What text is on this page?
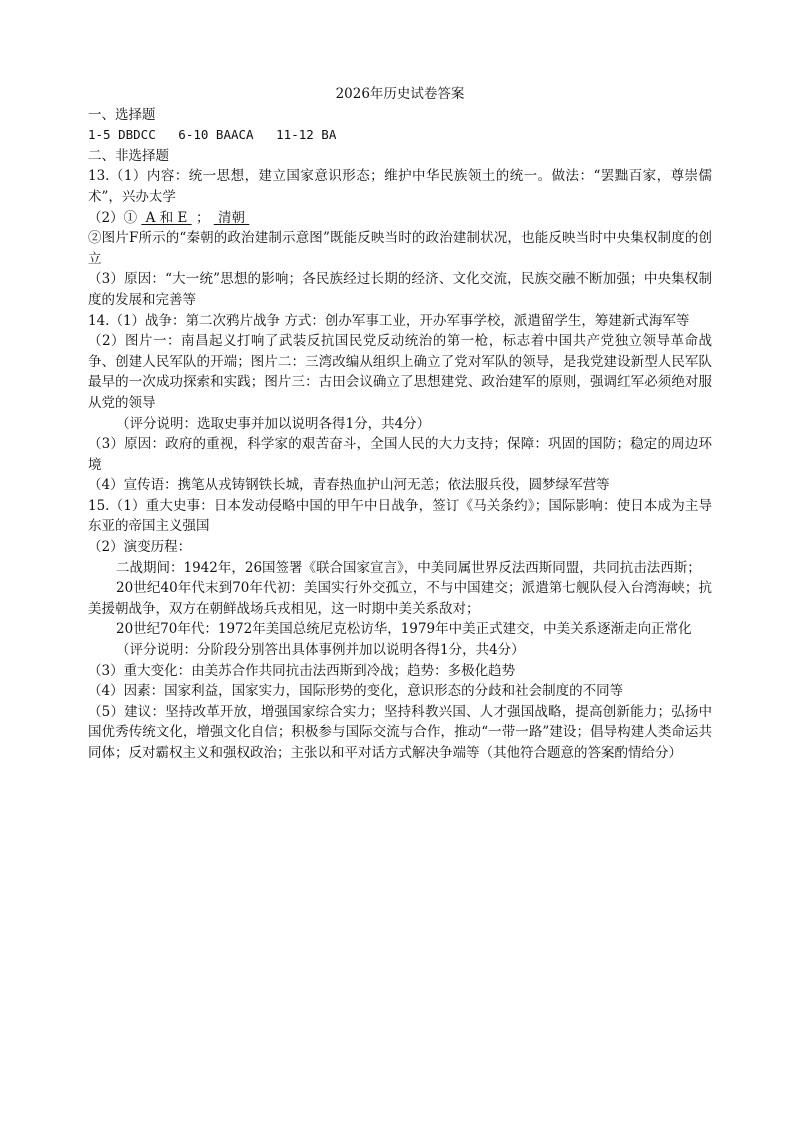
2026年历史试卷答案
一、选择题
1-5 DBDCC   6-10 BAACA   11-12 BA
二、非选择题
13.（1）内容：统一思想，建立国家意识形态；维护中华民族领土的统一。做法：“罢黜百家，尊崇儒术”，兴办太学
（2）①  A 和 E  ；  清朝
②图片F所示的“秦朝的政治建制示意图”既能反映当时的政治建制状况，也能反映当时中央集权制度的创立
（3）原因：“大一统”思想的影响；各民族经过长期的经济、文化交流，民族交融不断加强；中央集权制度的发展和完善等
14.（1）战争：第二次鸦片战争 方式：创办军事工业，开办军事学校，派遣留学生，筹建新式海军等
（2）图片一：南昌起义打响了武装反抗国民党反动统治的第一枪，标志着中国共产党独立领导革命战争、创建人民军队的开端；图片二：三湾改编从组织上确立了党对军队的领导，是我党建设新型人民军队最早的一次成功探索和实践；图片三：古田会议确立了思想建党、政治建军的原则，强调红军必须绝对服从党的领导
（评分说明：选取史事并加以说明各得1分，共4分）
（3）原因：政府的重视，科学家的艰苦奋斗，全国人民的大力支持；保障：巩固的国防；稳定的周边环境
（4）宣传语：携笔从戎铸钢铁长城，青春热血护山河无恙；依法服兵役，圆梦绿军营等
15.（1）重大史事：日本发动侵略中国的甲午中日战争，签订《马关条约》；国际影响：使日本成为主导东亚的帝国主义强国
（2）演变历程：
二战期间：1942年，26国签署《联合国家宣言》，中美同属世界反法西斯同盟，共同抗击法西斯；
20世纪40年代末到70年代初：美国实行外交孤立，不与中国建交；派遣第七舰队侵入台湾海峡；抗美援朝战争，双方在朝鲜战场兵戎相见，这一时期中美关系敌对；
20世纪70年代：1972年美国总统尼克松访华，1979年中美正式建交，中美关系逐渐走向正常化
（评分说明：分阶段分别答出具体事例并加以说明各得1分，共4分）
（3）重大变化：由美苏合作共同抗击法西斯到冷战；趋势：多极化趋势
（4）因素：国家利益，国家实力，国际形势的变化，意识形态的分歧和社会制度的不同等
（5）建议：坚持改革开放，增强国家综合实力；坚持科教兴国、人才强国战略，提高创新能力；弘扬中国优秀传统文化，增强文化自信；积极参与国际交流与合作，推动“一带一路”建设；倡导构建人类命运共同体；反对霸权主义和强权政治；主张以和平对话方式解决争端等（其他符合题意的答案酌情给分）
